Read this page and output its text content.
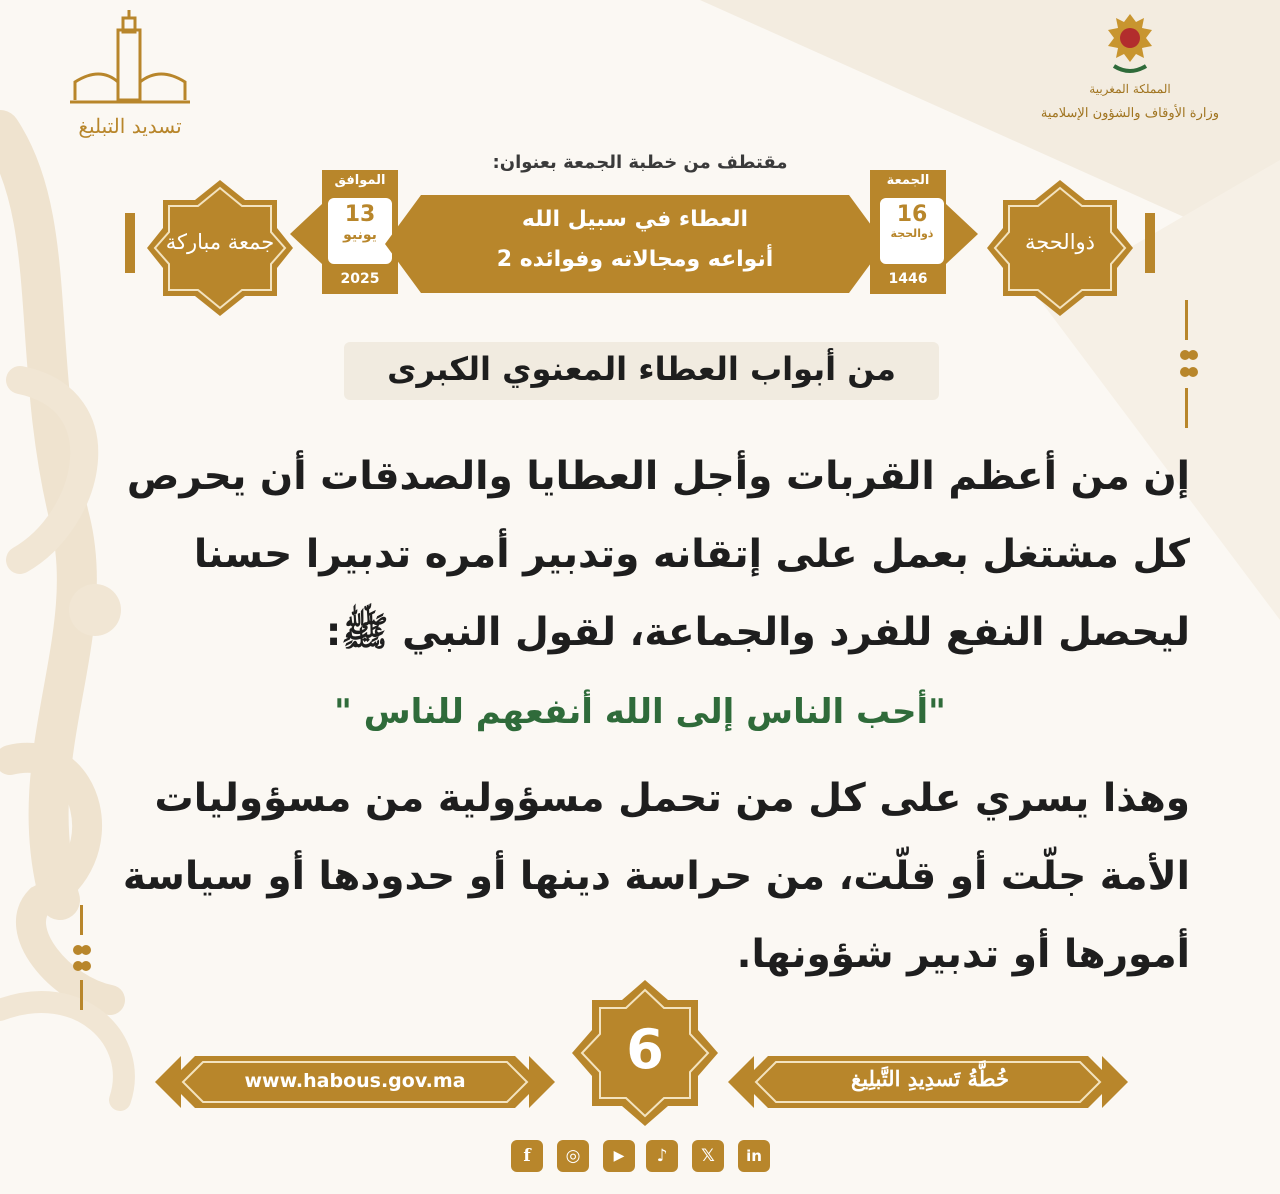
تسديد التبليغ
المملكة المغربية
وزارة الأوقاف والشؤون الإسلامية
مقتطف من خطبة الجمعة بعنوان:
جمعة مباركة	ذوالحجة
الموافق
13
يونيو
2025
العطاء في سبيل الله
أنواعه ومجالاته وفوائده 2
الجمعة
16
ذوالحجة
1446
من أبواب العطاء المعنوي الكبرى
إن من أعظم القربات وأجل العطايا والصدقات أن يحرص
كل مشتغل بعمل على إتقانه وتدبير أمره تدبيرا حسنا
ليحصل النفع للفرد والجماعة، لقول النبي ﷺ:
"أحب الناس إلى الله أنفعهم للناس "
وهذا يسري على كل من تحمل مسؤولية من مسؤوليات
الأمة جلّت أو قلّت، من حراسة دينها أو حدودها أو سياسة
أمورها أو تدبير شؤونها.
www.habous.gov.ma	6	خُطَّةُ تَسدِيدِ التَّبلِيغ
f	◎	▶	♪	𝕏	in
